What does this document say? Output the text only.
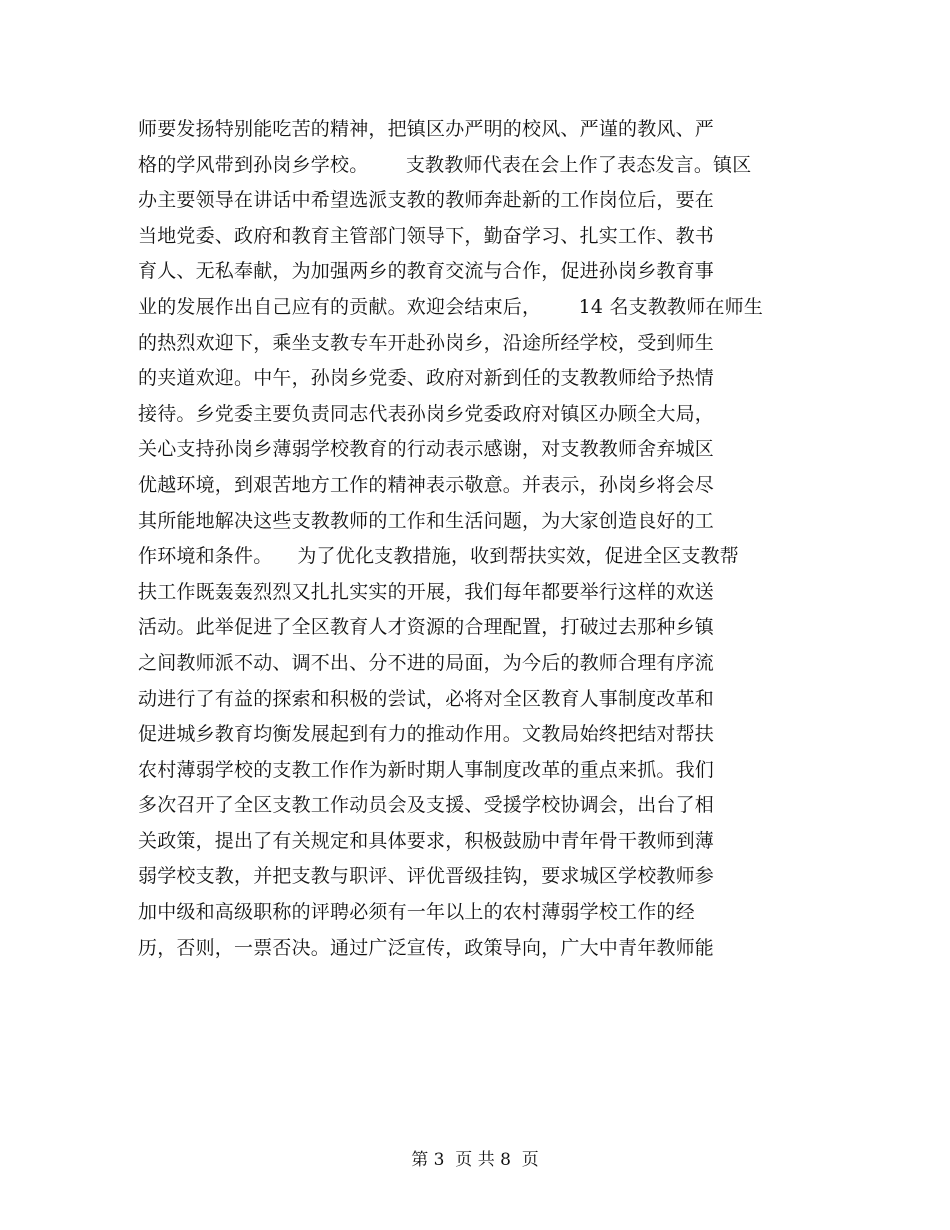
师要发扬特别能吃苦的精神，把镇区办严明的校风、严谨的教风、严
格的学风带到孙岗乡学校。      支教教师代表在会上作了表态发言。镇区
办主要领导在讲话中希望选派支教的教师奔赴新的工作岗位后，要在
当地党委、政府和教育主管部门领导下，勤奋学习、扎实工作、教书
育人、无私奉献，为加强两乡的教育交流与合作，促进孙岗乡教育事
业的发展作出自己应有的贡献。欢迎会结束后，      14 名支教教师在师生
的热烈欢迎下，乘坐支教专车开赴孙岗乡，沿途所经学校，受到师生
的夹道欢迎。中午，孙岗乡党委、政府对新到任的支教教师给予热情
接待。乡党委主要负责同志代表孙岗乡党委政府对镇区办顾全大局，
关心支持孙岗乡薄弱学校教育的行动表示感谢，对支教教师舍弃城区
优越环境，到艰苦地方工作的精神表示敬意。并表示，孙岗乡将会尽
其所能地解决这些支教教师的工作和生活问题，为大家创造良好的工
作环境和条件。    为了优化支教措施，收到帮扶实效，促进全区支教帮
扶工作既轰轰烈烈又扎扎实实的开展，我们每年都要举行这样的欢送
活动。此举促进了全区教育人才资源的合理配置，打破过去那种乡镇
之间教师派不动、调不出、分不进的局面，为今后的教师合理有序流
动进行了有益的探索和积极的尝试，必将对全区教育人事制度改革和
促进城乡教育均衡发展起到有力的推动作用。文教局始终把结对帮扶
农村薄弱学校的支教工作作为新时期人事制度改革的重点来抓。我们
多次召开了全区支教工作动员会及支援、受援学校协调会，出台了相
关政策，提出了有关规定和具体要求，积极鼓励中青年骨干教师到薄
弱学校支教，并把支教与职评、评优晋级挂钩，要求城区学校教师参
加中级和高级职称的评聘必须有一年以上的农村薄弱学校工作的经
历，否则，一票否决。通过广泛宣传，政策导向，广大中青年教师能
第 3  页 共 8  页
